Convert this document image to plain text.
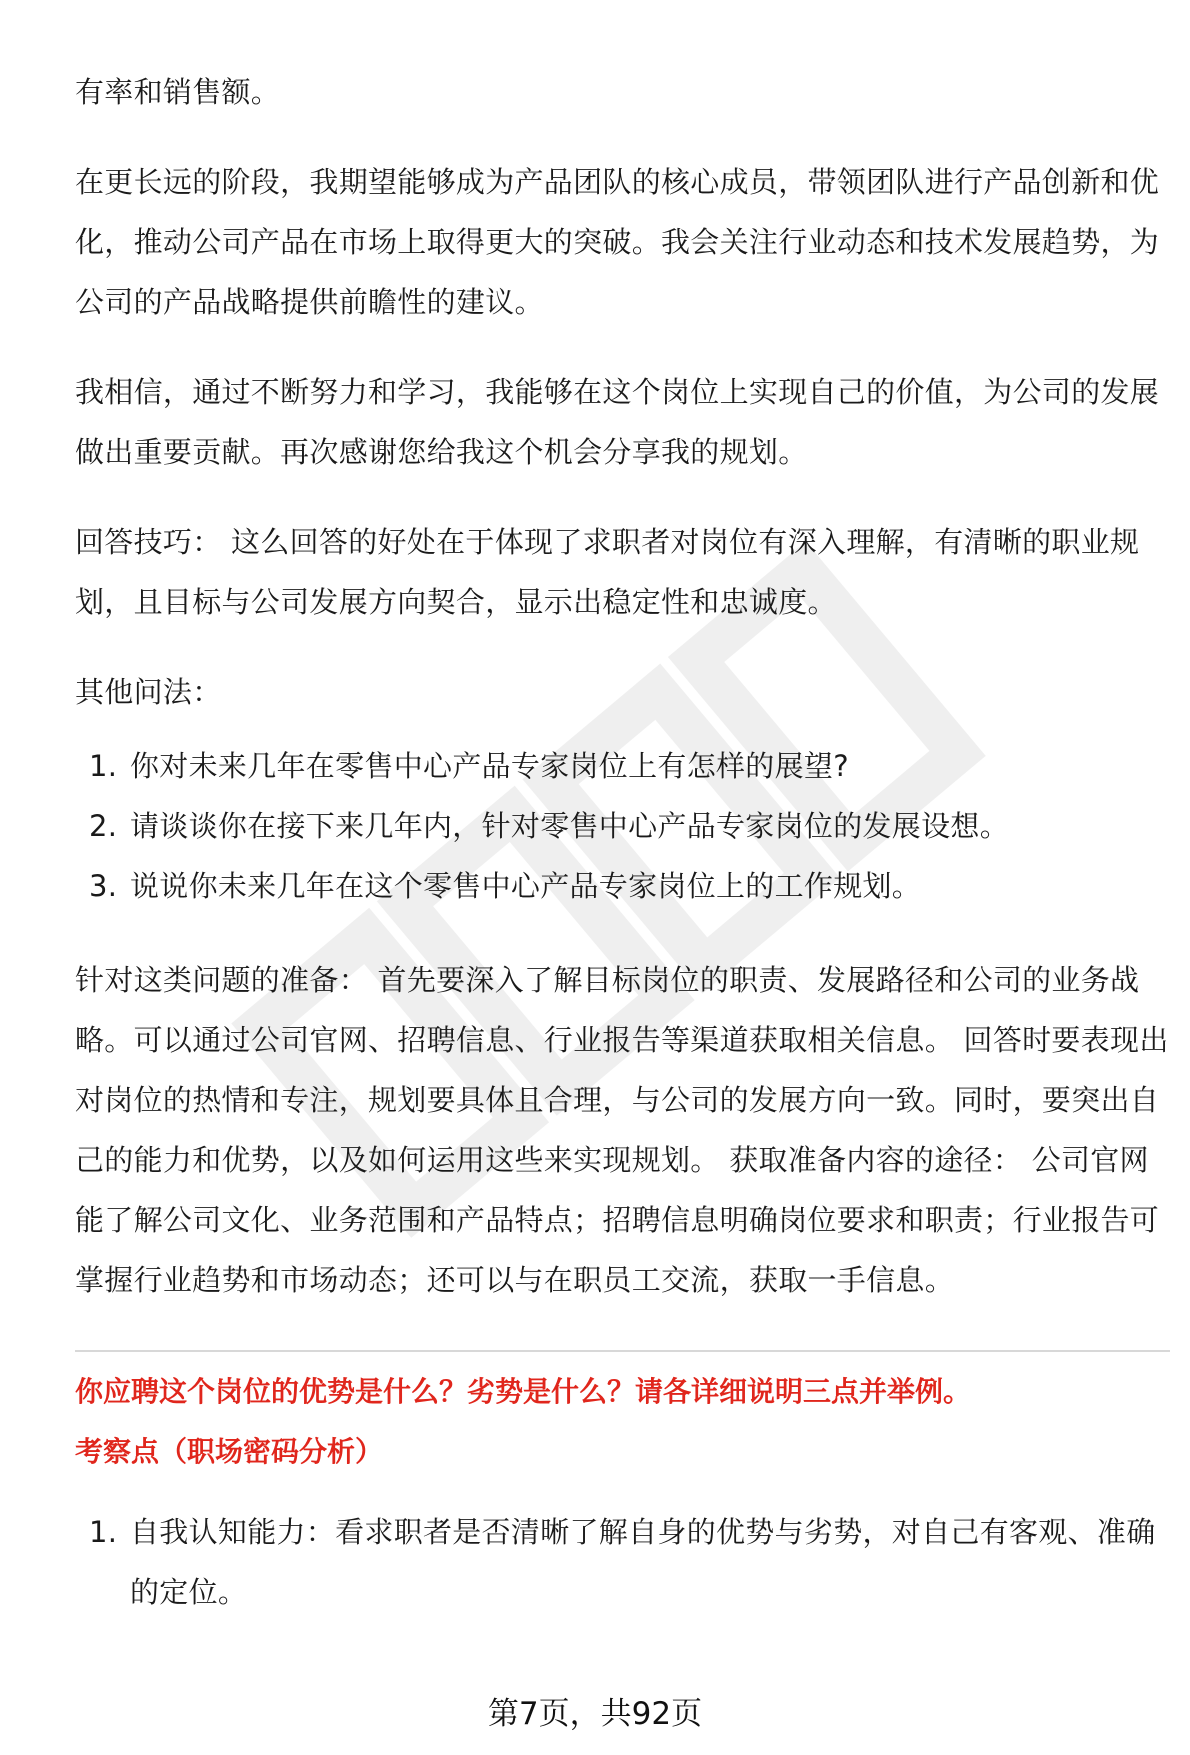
有率和销售额。

在更长远的阶段，我期望能够成为产品团队的核心成员，带领团队进行产品创新和优化，推动公司产品在市场上取得更大的突破。我会关注行业动态和技术发展趋势，为公司的产品战略提供前瞻性的建议。

我相信，通过不断努力和学习，我能够在这个岗位上实现自己的价值，为公司的发展做出重要贡献。再次感谢您给我这个机会分享我的规划。

回答技巧： 这么回答的好处在于体现了求职者对岗位有深入理解，有清晰的职业规划，且目标与公司发展方向契合，显示出稳定性和忠诚度。

其他问法：

1. 你对未来几年在零售中心产品专家岗位上有怎样的展望?
2. 请谈谈你在接下来几年内，针对零售中心产品专家岗位的发展设想。
3. 说说你未来几年在这个零售中心产品专家岗位上的工作规划。

针对这类问题的准备： 首先要深入了解目标岗位的职责、发展路径和公司的业务战略。可以通过公司官网、招聘信息、行业报告等渠道获取相关信息。 回答时要表现出对岗位的热情和专注，规划要具体且合理，与公司的发展方向一致。同时，要突出自己的能力和优势，以及如何运用这些来实现规划。 获取准备内容的途径： 公司官网能了解公司文化、业务范围和产品特点；招聘信息明确岗位要求和职责；行业报告可掌握行业趋势和市场动态；还可以与在职员工交流，获取一手信息。

你应聘这个岗位的优势是什么？劣势是什么？请各详细说明三点并举例。

考察点（职场密码分析）

1. 自我认知能力：看求职者是否清晰了解自身的优势与劣势，对自己有客观、准确的定位。
第7页，共92页
